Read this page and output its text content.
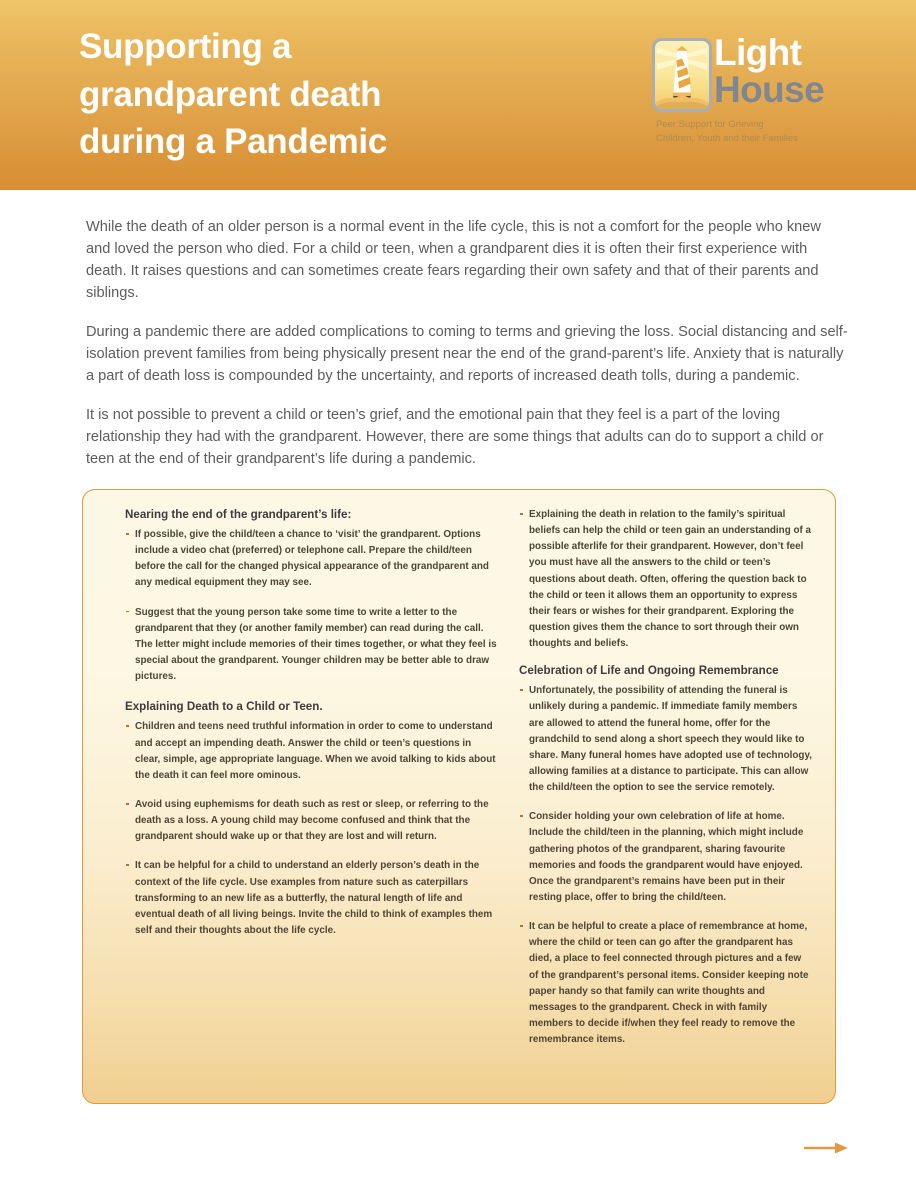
Supporting a
grandparent death
during a Pandemic
Light
House
Peer Support for Grieving
Children, Youth and their Families

While the death of an older person is a normal event in the life cycle, this is not a comfort for the people who knew and loved the person who died. For a child or teen, when a grandparent dies it is often their first experience with death. It raises questions and can sometimes create fears regarding their own safety and that of their parents and siblings.

During a pandemic there are added complications to coming to terms and grieving the loss. Social distancing and self-isolation prevent families from being physically present near the end of the grand-parent’s life. Anxiety that is naturally a part of death loss is compounded by the uncertainty, and reports of increased death tolls, during a pandemic.

It is not possible to prevent a child or teen’s grief, and the emotional pain that they feel is a part of the loving relationship they had with the grandparent. However, there are some things that adults can do to support a child or teen at the end of their grandparent’s life during a pandemic.

Nearing the end of the grandparent’s life:
If possible, give the child/teen a chance to ‘visit’ the grandparent. Options include a video chat (preferred) or telephone call. Prepare the child/teen before the call for the changed physical appearance of the grandparent and any medical equipment they may see.
Suggest that the young person take some time to write a letter to the grandparent that they (or another family member) can read during the call. The letter might include memories of their times together, or what they feel is special about the grandparent. Younger children may be better able to draw pictures.
Explaining Death to a Child or Teen.
Children and teens need truthful information in order to come to understand and accept an impending death. Answer the child or teen’s questions in clear, simple, age appropriate language. When we avoid talking to kids about the death it can feel more ominous.
Avoid using euphemisms for death such as rest or sleep, or referring to the death as a loss. A young child may become confused and think that the grandparent should wake up or that they are lost and will return.
It can be helpful for a child to understand an elderly person’s death in the context of the life cycle. Use examples from nature such as caterpillars transforming to an new life as a butterfly, the natural length of life and eventual death of all living beings. Invite the child to think of examples them self and their thoughts about the life cycle.
Explaining the death in relation to the family’s spiritual beliefs can help the child or teen gain an understanding of a possible afterlife for their grandparent. However, don’t feel you must have all the answers to the child or teen’s questions about death. Often, offering the question back to the child or teen it allows them an opportunity to express their fears or wishes for their grandparent. Exploring the question gives them the chance to sort through their own thoughts and beliefs.
Celebration of Life and Ongoing Remembrance
Unfortunately, the possibility of attending the funeral is unlikely during a pandemic. If immediate family members are allowed to attend the funeral home, offer for the grandchild to send along a short speech they would like to share. Many funeral homes have adopted use of technology, allowing families at a distance to participate. This can allow the child/teen the option to see the service remotely.
Consider holding your own celebration of life at home. Include the child/teen in the planning, which might include gathering photos of the grandparent, sharing favourite memories and foods the grandparent would have enjoyed. Once the grandparent’s remains have been put in their resting place, offer to bring the child/teen.
It can be helpful to create a place of remembrance at home, where the child or teen can go after the grandparent has died, a place to feel connected through pictures and a few of the grandparent’s personal items. Consider keeping note paper handy so that family can write thoughts and messages to the grandparent. Check in with family members to decide if/when they feel ready to remove the remembrance items.
